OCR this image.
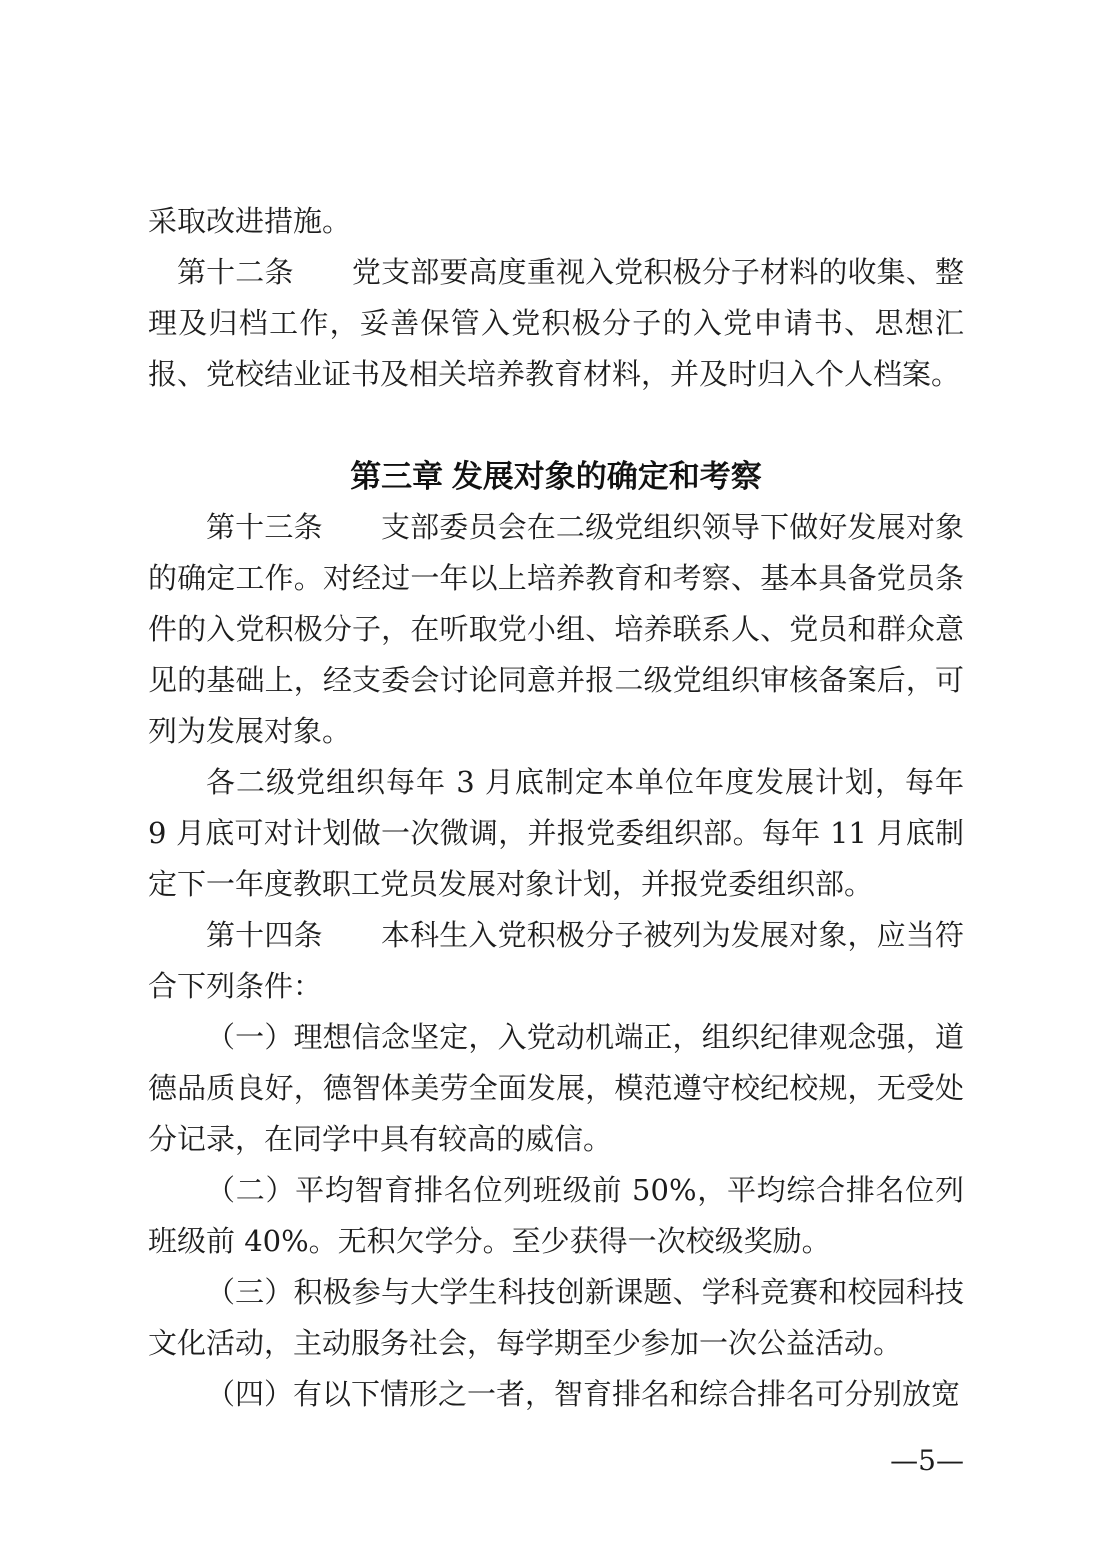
采取改进措施。

第十二条　　党支部要高度重视入党积极分子材料的收集、整理及归档工作，妥善保管入党积极分子的入党申请书、思想汇报、党校结业证书及相关培养教育材料，并及时归入个人档案。

第三章 发展对象的确定和考察

第十三条　　支部委员会在二级党组织领导下做好发展对象的确定工作。对经过一年以上培养教育和考察、基本具备党员条件的入党积极分子，在听取党小组、培养联系人、党员和群众意见的基础上，经支委会讨论同意并报二级党组织审核备案后，可列为发展对象。

各二级党组织每年 3 月底制定本单位年度发展计划，每年 9 月底可对计划做一次微调，并报党委组织部。每年 11 月底制定下一年度教职工党员发展对象计划，并报党委组织部。

第十四条　　本科生入党积极分子被列为发展对象，应当符合下列条件：

（一）理想信念坚定，入党动机端正，组织纪律观念强，道德品质良好，德智体美劳全面发展，模范遵守校纪校规，无受处分记录，在同学中具有较高的威信。

（二）平均智育排名位列班级前 50%，平均综合排名位列班级前 40%。无积欠学分。至少获得一次校级奖励。

（三）积极参与大学生科技创新课题、学科竞赛和校园科技文化活动，主动服务社会，每学期至少参加一次公益活动。

（四）有以下情形之一者，智育排名和综合排名可分别放宽

—5—
